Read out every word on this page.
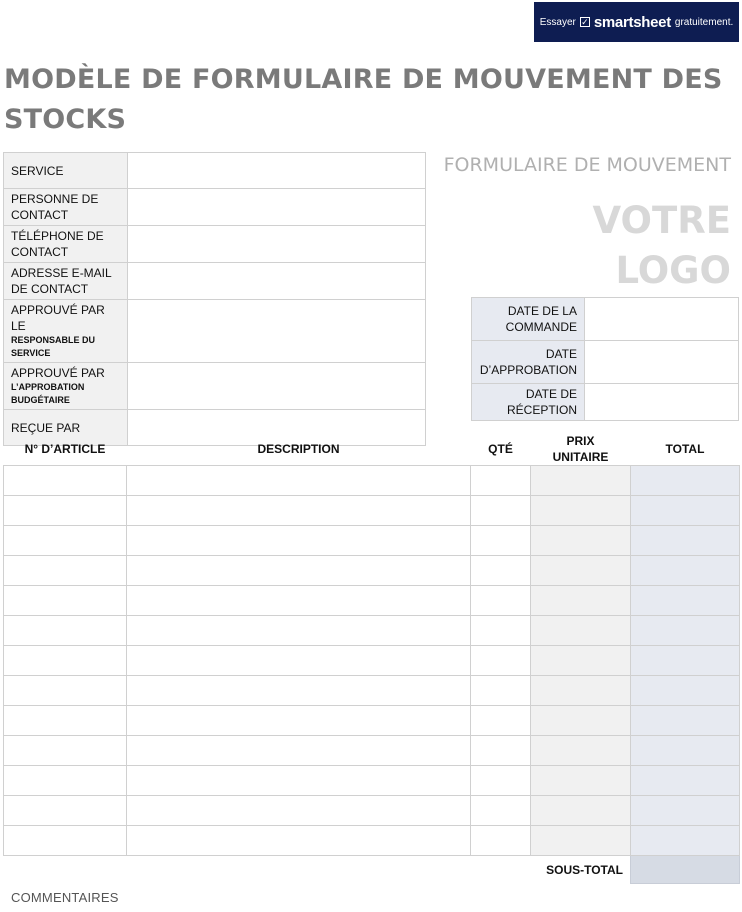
Essayer ✓ smartsheet gratuitement.
MODÈLE DE FORMULAIRE DE MOUVEMENT DES STOCKS
SERVICE	
PERSONNE DE CONTACT	
TÉLÉPHONE DE CONTACT	
ADRESSE E-MAIL DE CONTACT	
APPROUVÉ PAR LE
RESPONSABLE DU SERVICE	

APPROUVÉ PAR
L’APPROBATION BUDGÉTAIRE	

REÇUE PAR	
FORMULAIRE DE MOUVEMENT
VOTRE
LOGO
DATE DE LA COMMANDE	
DATE D’APPROBATION	
DATE DE RÉCEPTION	
N° D’ARTICLE	DESCRIPTION	QTÉ	PRIX UNITAIRE	TOTAL

SOUS-TOTAL				
COMMENTAIRES
